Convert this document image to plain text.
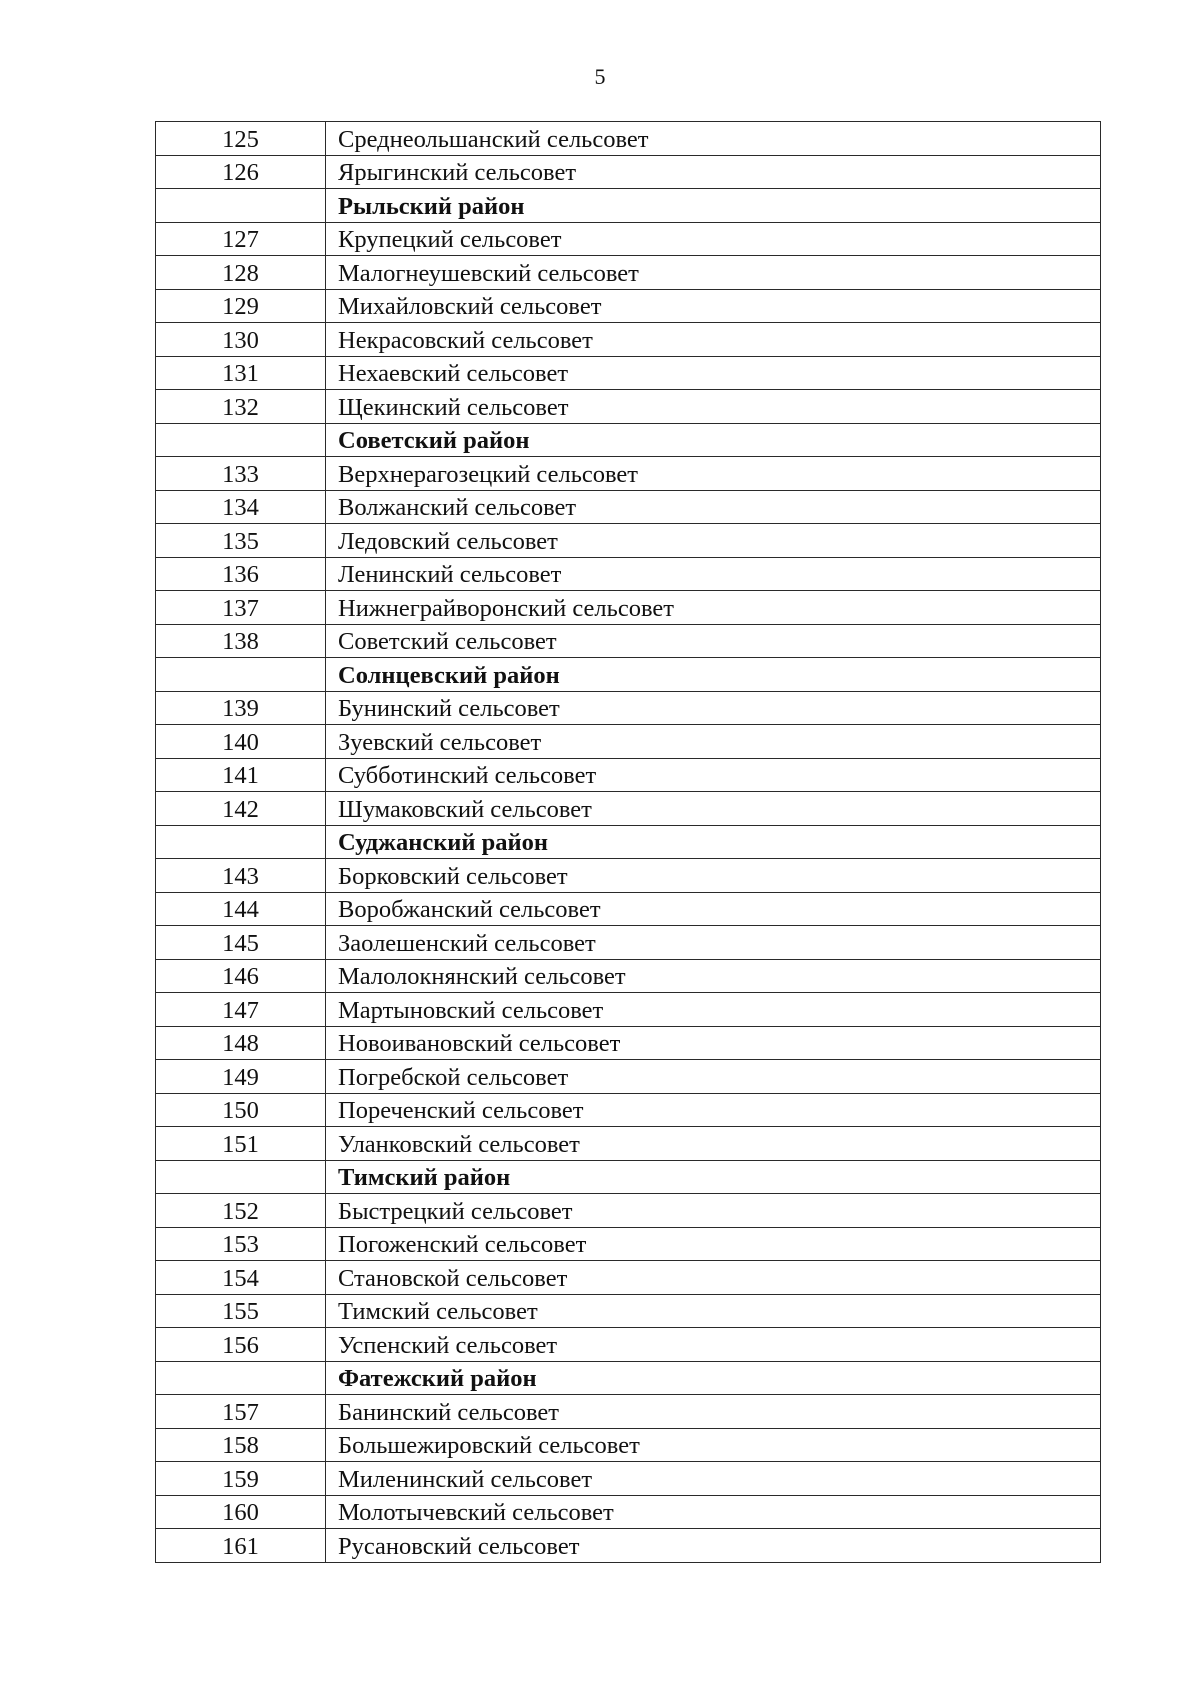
5
125	Среднеольшанский сельсовет
126	Ярыгинский сельсовет
	Рыльский район
127	Крупецкий сельсовет
128	Малогнеушевский сельсовет
129	Михайловский сельсовет
130	Некрасовский сельсовет
131	Нехаевский сельсовет
132	Щекинский сельсовет
	Советский район
133	Верхнерагозецкий сельсовет
134	Волжанский сельсовет
135	Ледовский сельсовет
136	Ленинский сельсовет
137	Нижнеграйворонский сельсовет
138	Советский сельсовет
	Солнцевский район
139	Бунинский сельсовет
140	Зуевский сельсовет
141	Субботинский сельсовет
142	Шумаковский сельсовет
	Суджанский район
143	Борковский сельсовет
144	Воробжанский сельсовет
145	Заолешенский сельсовет
146	Малолокнянский сельсовет
147	Мартыновский сельсовет
148	Новоивановский сельсовет
149	Погребской сельсовет
150	Пореченский сельсовет
151	Уланковский сельсовет
	Тимский район
152	Быстрецкий сельсовет
153	Погоженский сельсовет
154	Становской сельсовет
155	Тимский сельсовет
156	Успенский сельсовет
	Фатежский район
157	Банинский сельсовет
158	Большежировский сельсовет
159	Миленинский сельсовет
160	Молотычевский сельсовет
161	Русановский сельсовет
